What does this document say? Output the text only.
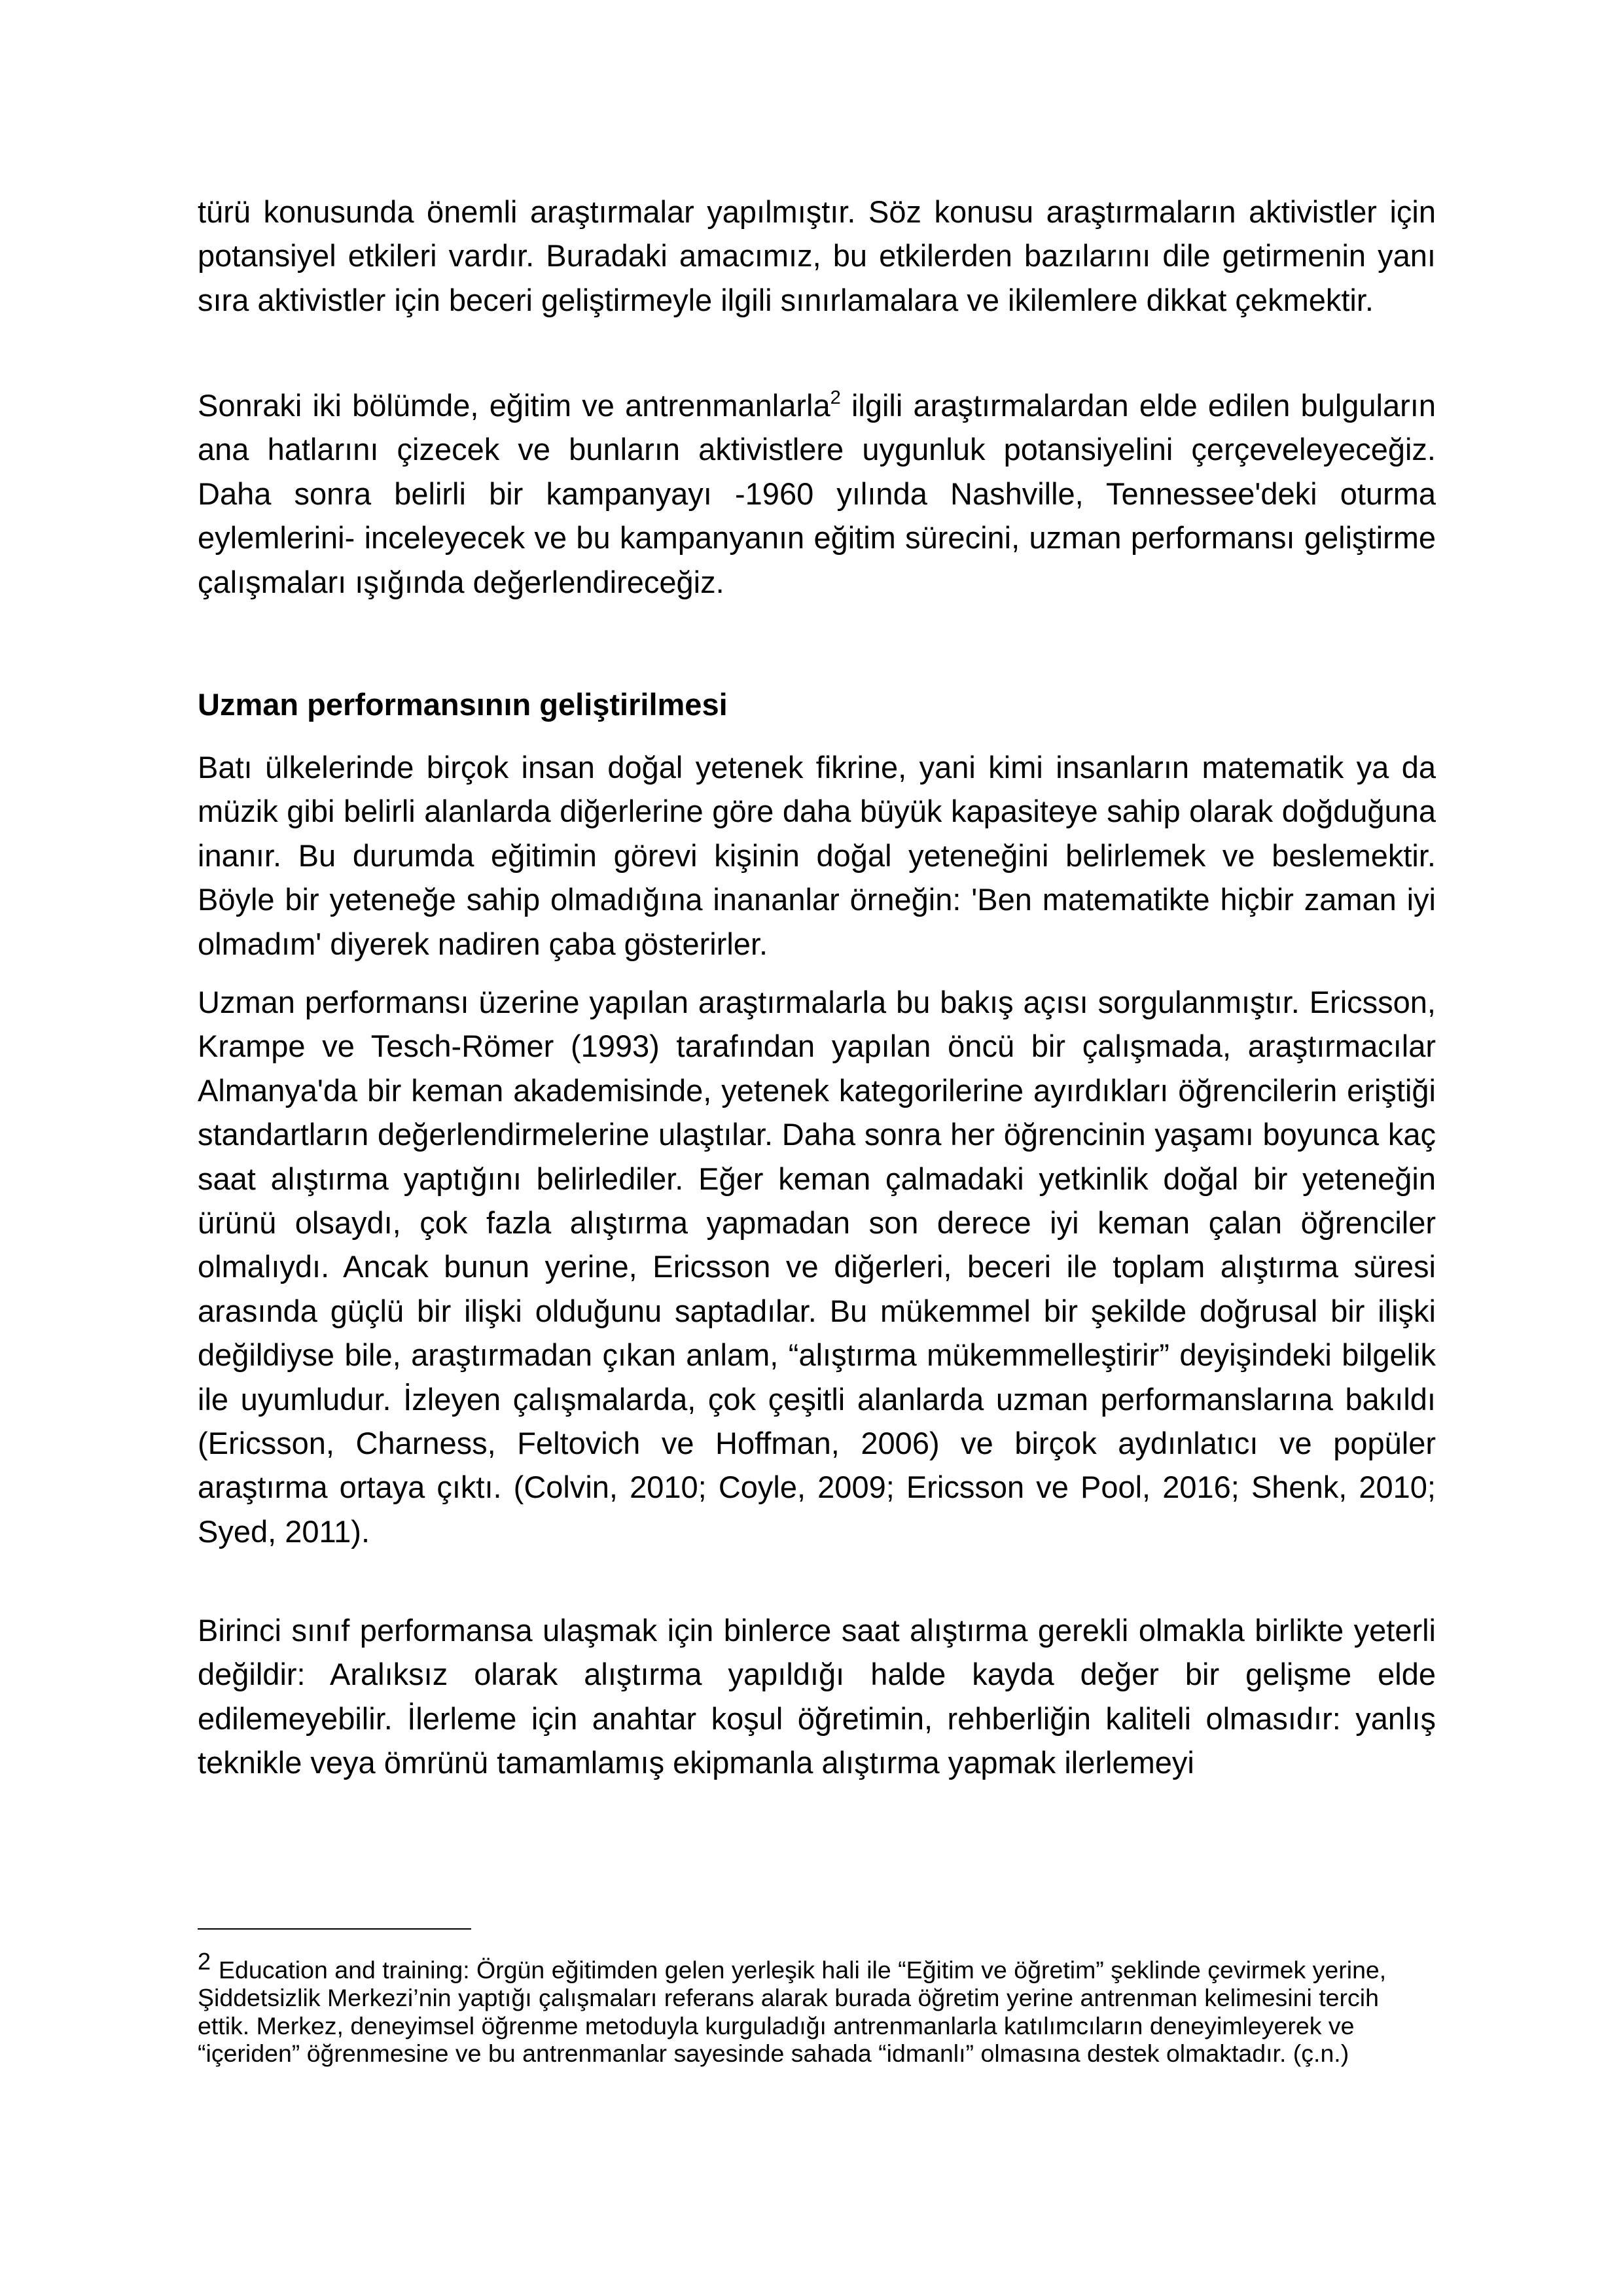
türü konusunda önemli araştırmalar yapılmıştır. Söz konusu araştırmaların aktivistler için potansiyel etkileri vardır. Buradaki amacımız, bu etkilerden bazılarını dile getirmenin yanı sıra aktivistler için beceri geliştirmeyle ilgili sınırlamalara ve ikilemlere dikkat çekmektir.

Sonraki iki bölümde, eğitim ve antrenmanlarla$^2$ ilgili araştırmalardan elde edilen bulguların ana hatlarını çizecek ve bunların aktivistlere uygunluk potansiyelini çerçeveleyeceğiz. Daha sonra belirli bir kampanyayı -1960 yılında Nashville, Tennessee'deki oturma eylemlerini- inceleyecek ve bu kampanyanın eğitim sürecini, uzman performansı geliştirme çalışmaları ışığında değerlendireceğiz.

Uzman performansının geliştirilmesi

Batı ülkelerinde birçok insan doğal yetenek fikrine, yani kimi insanların matematik ya da müzik gibi belirli alanlarda diğerlerine göre daha büyük kapasiteye sahip olarak doğduğuna inanır. Bu durumda eğitimin görevi kişinin doğal yeteneğini belirlemek ve beslemektir. Böyle bir yeteneğe sahip olmadığına inananlar örneğin: 'Ben matematikte hiçbir zaman iyi olmadım' diyerek nadiren çaba gösterirler.

Uzman performansı üzerine yapılan araştırmalarla bu bakış açısı sorgulanmıştır. Ericsson, Krampe ve Tesch-Römer (1993) tarafından yapılan öncü bir çalışmada, araştırmacılar Almanya'da bir keman akademisinde, yetenek kategorilerine ayırdıkları öğrencilerin eriştiği standartların değerlendirmelerine ulaştılar. Daha sonra her öğrencinin yaşamı boyunca kaç saat alıştırma yaptığını belirlediler. Eğer keman çalmadaki yetkinlik doğal bir yeteneğin ürünü olsaydı, çok fazla alıştırma yapmadan son derece iyi keman çalan öğrenciler olmalıydı. Ancak bunun yerine, Ericsson ve diğerleri, beceri ile toplam alıştırma süresi arasında güçlü bir ilişki olduğunu saptadılar. Bu mükemmel bir şekilde doğrusal bir ilişki değildiyse bile, araştırmadan çıkan anlam, “alıştırma mükemmelleştirir” deyişindeki bilgelik ile uyumludur. İzleyen çalışmalarda, çok çeşitli alanlarda uzman performanslarına bakıldı (Ericsson, Charness, Feltovich ve Hoffman, 2006) ve birçok aydınlatıcı ve popüler araştırma ortaya çıktı. (Colvin, 2010; Coyle, 2009; Ericsson ve Pool, 2016; Shenk, 2010; Syed, 2011).

Birinci sınıf performansa ulaşmak için binlerce saat alıştırma gerekli olmakla birlikte yeterli değildir: Aralıksız olarak alıştırma yapıldığı halde kayda değer bir gelişme elde edilemeyebilir. İlerleme için anahtar koşul öğretimin, rehberliğin kaliteli olmasıdır: yanlış teknikle veya ömrünü tamamlamış ekipmanla alıştırma yapmak ilerlemeyi

$^2$ Education and training: Örgün eğitimden gelen yerleşik hali ile “Eğitim ve öğretim” şeklinde çevirmek yerine, Şiddetsizlik Merkezi’nin yaptığı çalışmaları referans alarak burada öğretim yerine antrenman kelimesini tercih ettik. Merkez, deneyimsel öğrenme metoduyla kurguladığı antrenmanlarla katılımcıların deneyimleyerek ve “içeriden” öğrenmesine ve bu antrenmanlar sayesinde sahada “idmanlı” olmasına destek olmaktadır. (ç.n.)
